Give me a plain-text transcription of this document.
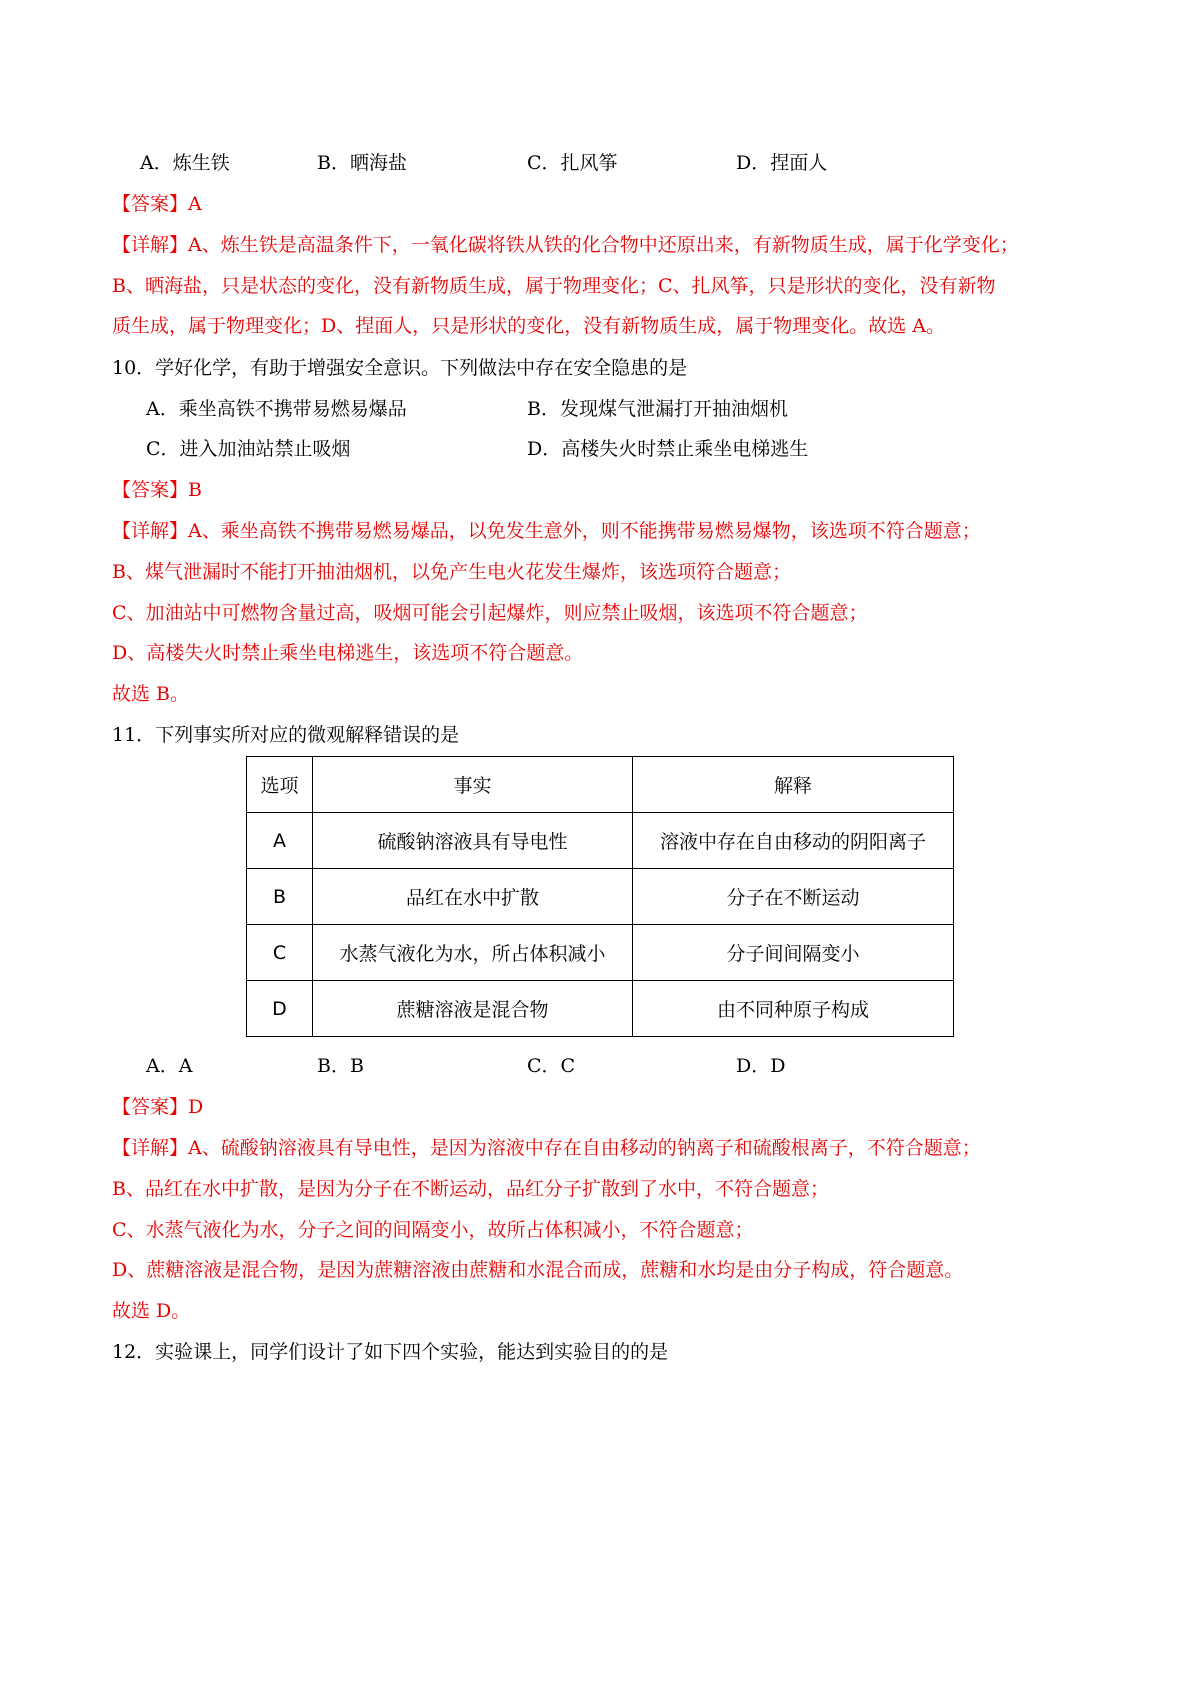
A．炼生铁	B．晒海盐	C．扎风筝	D．捏面人
【答案】A
【详解】A、炼生铁是高温条件下，一氧化碳将铁从铁的化合物中还原出来，有新物质生成，属于化学变化；
B、晒海盐，只是状态的变化，没有新物质生成，属于物理变化；C、扎风筝，只是形状的变化，没有新物
质生成，属于物理变化；D、捏面人，只是形状的变化，没有新物质生成，属于物理变化。故选 A。
10．学好化学，有助于增强安全意识。下列做法中存在安全隐患的是
A．乘坐高铁不携带易燃易爆品	B．发现煤气泄漏打开抽油烟机
C．进入加油站禁止吸烟	D．高楼失火时禁止乘坐电梯逃生
【答案】B
【详解】A、乘坐高铁不携带易燃易爆品，以免发生意外，则不能携带易燃易爆物，该选项不符合题意；
B、煤气泄漏时不能打开抽油烟机，以免产生电火花发生爆炸，该选项符合题意；
C、加油站中可燃物含量过高，吸烟可能会引起爆炸，则应禁止吸烟，该选项不符合题意；
D、高楼失火时禁止乘坐电梯逃生，该选项不符合题意。
故选 B。
11．下列事实所对应的微观解释错误的是
选项	事实	解释
A	硫酸钠溶液具有导电性	溶液中存在自由移动的阴阳离子
B	品红在水中扩散	分子在不断运动
C	水蒸气液化为水，所占体积减小	分子间间隔变小
D	蔗糖溶液是混合物	由不同种原子构成
A．A	B．B	C．C	D．D
【答案】D
【详解】A、硫酸钠溶液具有导电性，是因为溶液中存在自由移动的钠离子和硫酸根离子，不符合题意；
B、品红在水中扩散，是因为分子在不断运动，品红分子扩散到了水中，不符合题意；
C、水蒸气液化为水，分子之间的间隔变小，故所占体积减小，不符合题意；
D、蔗糖溶液是混合物，是因为蔗糖溶液由蔗糖和水混合而成，蔗糖和水均是由分子构成，符合题意。
故选 D。
12．实验课上，同学们设计了如下四个实验，能达到实验目的的是
